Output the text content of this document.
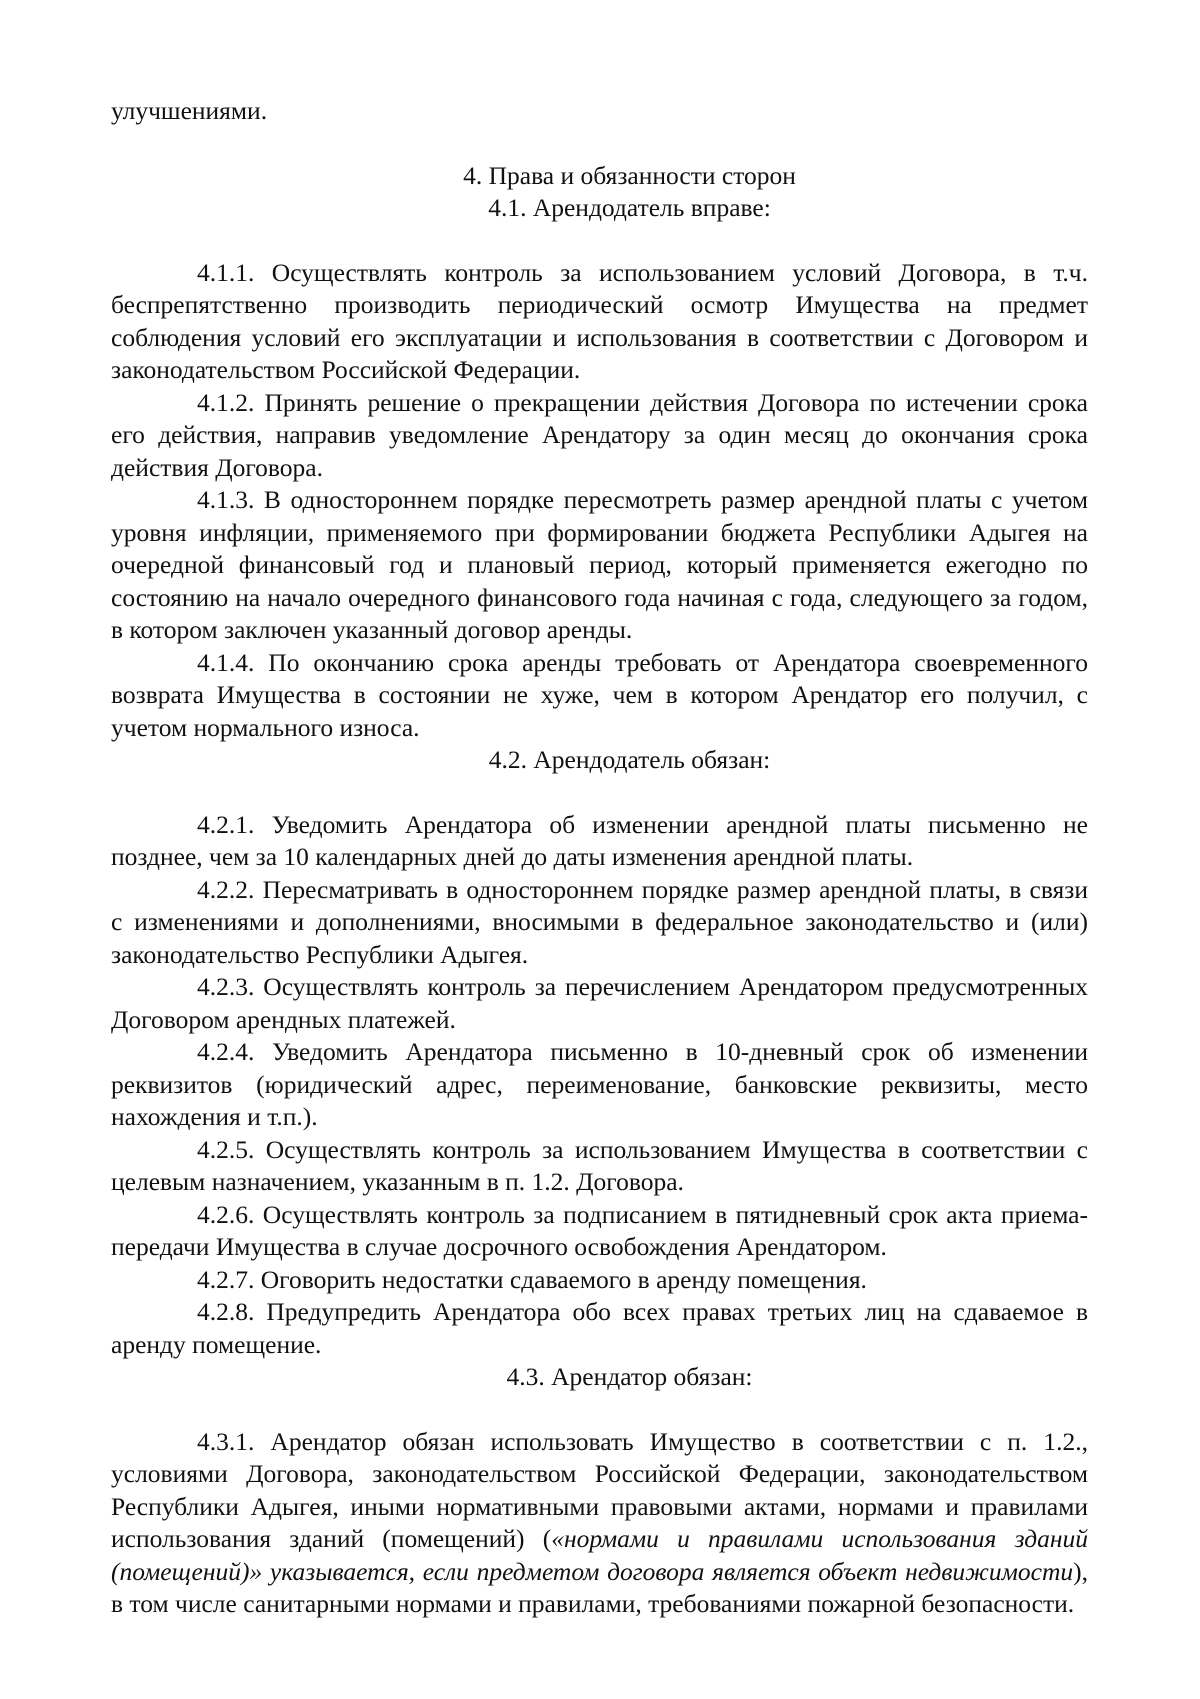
улучшениями.

4. Права и обязанности сторон

4.1. Арендодатель вправе:

4.1.1. Осуществлять контроль за использованием условий Договора, в т.ч. беспрепятственно производить периодический осмотр Имущества на предмет соблюдения условий его эксплуатации и использования в соответствии с Договором и законодательством Российской Федерации.

4.1.2. Принять решение о прекращении действия Договора по истечении срока его действия, направив уведомление Арендатору за один месяц до окончания срока действия Договора.

4.1.3. В одностороннем порядке пересмотреть размер арендной платы с учетом уровня инфляции, применяемого при формировании бюджета Республики Адыгея на очередной финансовый год и плановый период, который применяется ежегодно по состоянию на начало очередного финансового года начиная с года, следующего за годом, в котором заключен указанный договор аренды.

4.1.4. По окончанию срока аренды требовать от Арендатора своевременного возврата Имущества в состоянии не хуже, чем в котором Арендатор его получил, с учетом нормального износа.

4.2. Арендодатель обязан:

4.2.1. Уведомить Арендатора об изменении арендной платы письменно не позднее, чем за 10 календарных дней до даты изменения арендной платы.

4.2.2. Пересматривать в одностороннем порядке размер арендной платы, в связи с изменениями и дополнениями, вносимыми в федеральное законодательство и (или) законодательство Республики Адыгея.

4.2.3. Осуществлять контроль за перечислением Арендатором предусмотренных Договором арендных платежей.

4.2.4. Уведомить Арендатора письменно в 10-дневный срок об изменении реквизитов (юридический адрес, переименование, банковские реквизиты, место нахождения и т.п.).

4.2.5. Осуществлять контроль за использованием Имущества в соответствии с целевым назначением, указанным в п. 1.2. Договора.

4.2.6. Осуществлять контроль за подписанием в пятидневный срок акта приема-передачи Имущества в случае досрочного освобождения Арендатором.

4.2.7. Оговорить недостатки сдаваемого в аренду помещения.

4.2.8. Предупредить Арендатора обо всех правах третьих лиц на сдаваемое в аренду помещение.

4.3. Арендатор обязан:

4.3.1. Арендатор обязан использовать Имущество в соответствии с п. 1.2., условиями Договора, законодательством Российской Федерации, законодательством Республики Адыгея, иными нормативными правовыми актами, нормами и правилами использования зданий (помещений) («нормами и правилами использования зданий (помещений)» указывается, если предметом договора является объект недвижимости), в том числе санитарными нормами и правилами, требованиями пожарной безопасности.
